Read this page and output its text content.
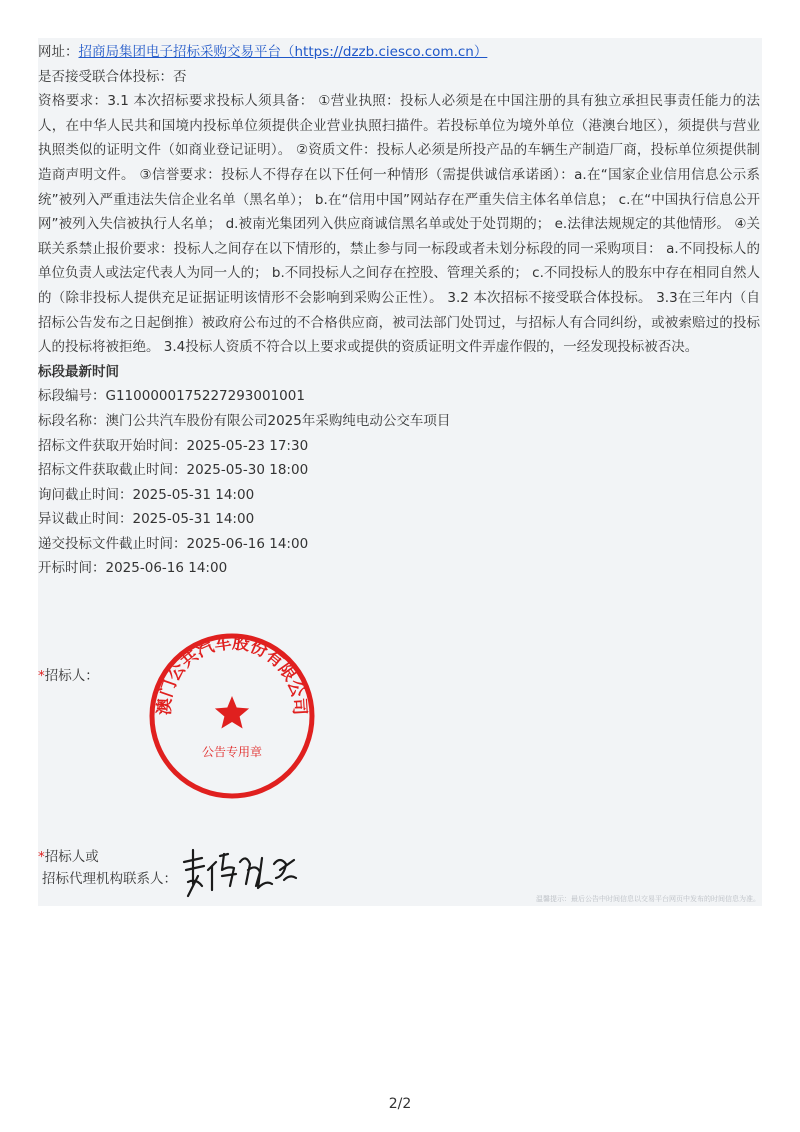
网址：招商局集团电子招标采购交易平台（https://dzzb.ciesco.com.cn）

是否接受联合体投标：否

资格要求：3.1 本次招标要求投标人须具备： ①营业执照：投标人必须是在中国注册的具有独立承担民事责任能力的法人，在中华人民共和国境内投标单位须提供企业营业执照扫描件。若投标单位为境外单位（港澳台地区），须提供与营业执照类似的证明文件（如商业登记证明）。 ②资质文件：投标人必须是所投产品的车辆生产制造厂商，投标单位须提供制造商声明文件。 ③信誉要求：投标人不得存在以下任何一种情形（需提供诚信承诺函）：a.在“国家企业信用信息公示系统”被列入严重违法失信企业名单（黑名单）； b.在“信用中国”网站存在严重失信主体名单信息； c.在“中国执行信息公开网”被列入失信被执行人名单； d.被南光集团列入供应商诚信黑名单或处于处罚期的； e.法律法规规定的其他情形。 ④关联关系禁止报价要求：投标人之间存在以下情形的，禁止参与同一标段或者未划分标段的同一采购项目： a.不同投标人的单位负责人或法定代表人为同一人的； b.不同投标人之间存在控股、管理关系的； c.不同投标人的股东中存在相同自然人的（除非投标人提供充足证据证明该情形不会影响到采购公正性）。 3.2 本次招标不接受联合体投标。 3.3在三年内（自招标公告发布之日起倒推）被政府公布过的不合格供应商，被司法部门处罚过，与招标人有合同纠纷，或被索赔过的投标人的投标将被拒绝。 3.4投标人资质不符合以上要求或提供的资质证明文件弄虚作假的，一经发现投标被否决。

标段最新时间

标段编号：G1100000175227293001001

标段名称：澳门公共汽车股份有限公司2025年采购纯电动公交车项目

招标文件获取开始时间：2025-05-23 17:30

招标文件获取截止时间：2025-05-30 18:00

询问截止时间：2025-05-31 14:00

异议截止时间：2025-05-31 14:00

递交投标文件截止时间：2025-06-16 14:00

开标时间：2025-06-16 14:00

*招标人：
澳门公共汽车股份有限公司
公告专用章
*招标人或
招标代理机构联系人：
温馨提示：最后公告中时间信息以交易平台网页中发布的时间信息为准。
2/2
